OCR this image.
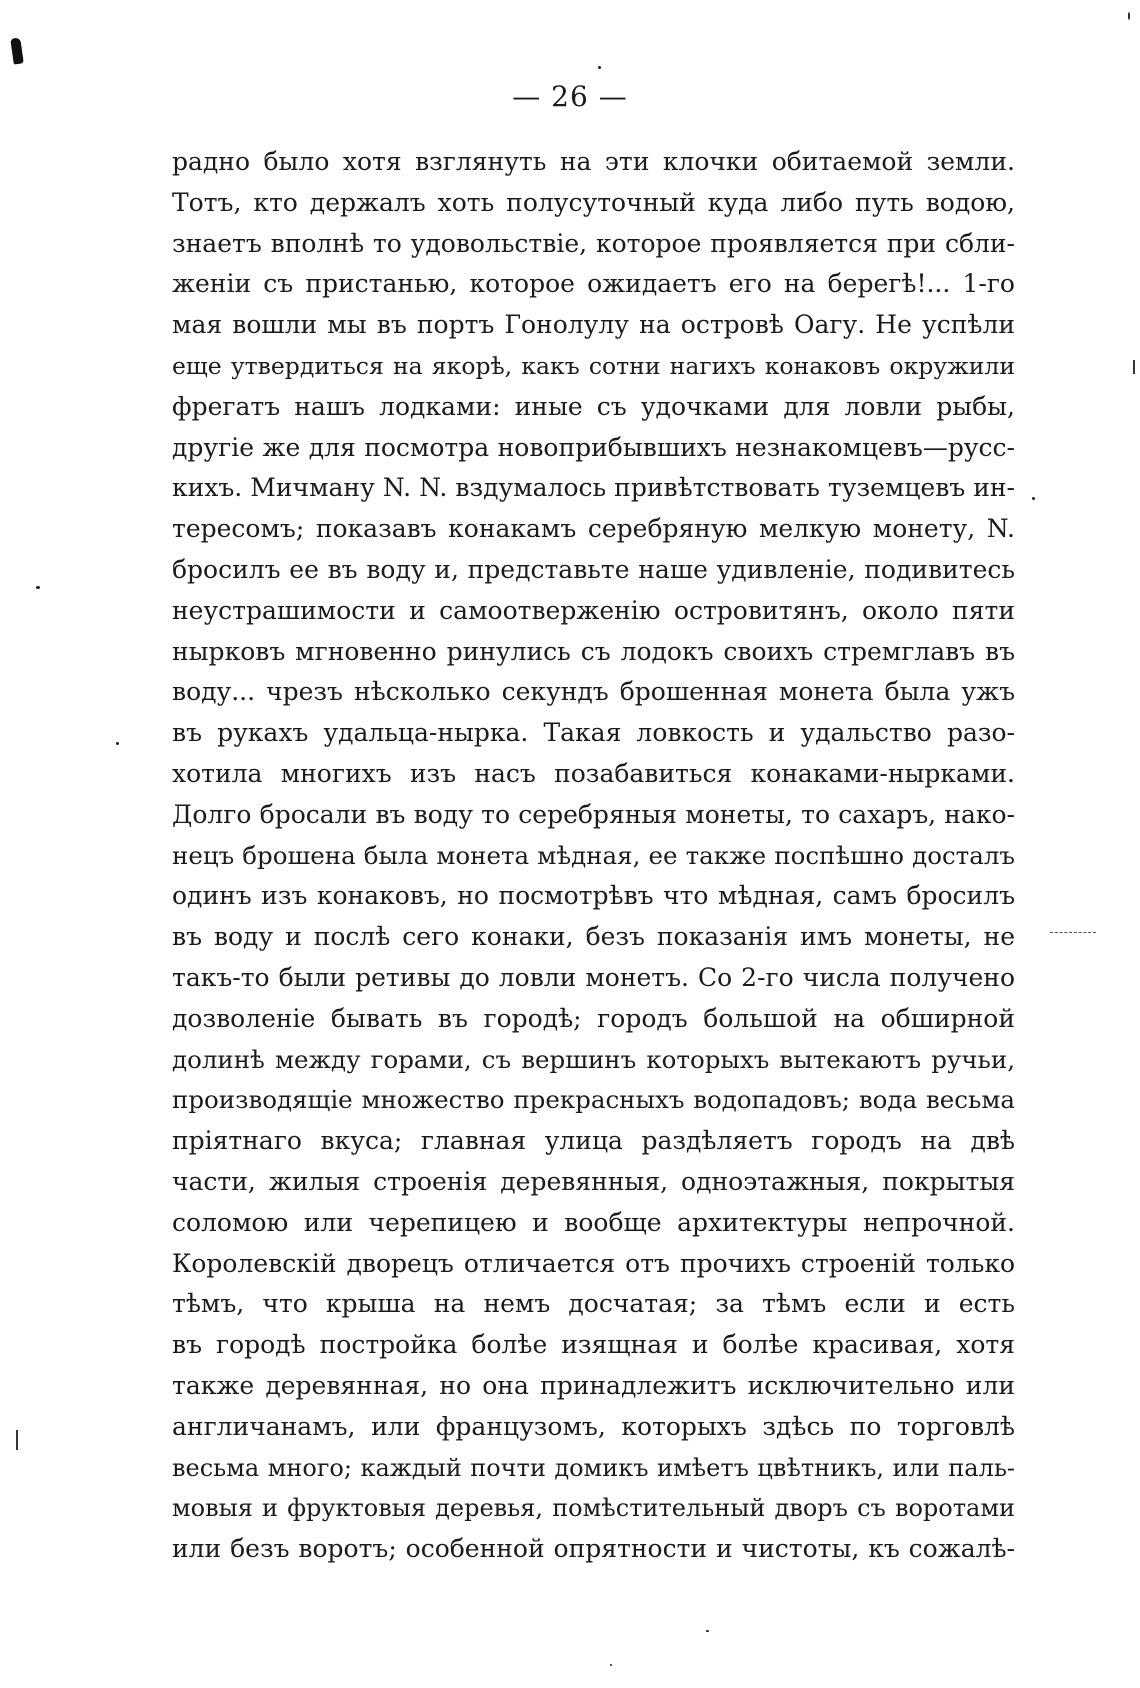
— 26 —
радно было хотя взглянуть на эти клочки обитаемой земли.
Тотъ, кто держалъ хоть полусуточный куда либо путь водою,
знаетъ вполнѣ то удовольствіе, которое проявляется при сбли-
женіи съ пристанью, которое ожидаетъ его на берегѣ!... 1-го
мая вошли мы въ портъ Гонолулу на островѣ Оагу. Не успѣли
еще утвердиться на якорѣ, какъ сотни нагихъ конаковъ окружили
фрегатъ нашъ лодками: иные съ удочками для ловли рыбы,
другіе же для посмотра новоприбывшихъ незнакомцевъ—русс-
кихъ. Мичману N. N. вздумалось привѣтствовать туземцевъ ин-
тересомъ; показавъ конакамъ серебряную мелкую монету, N.
бросилъ ее въ воду и, представьте наше удивленіе, подивитесь
неустрашимости и самоотверженію островитянъ, около пяти
нырковъ мгновенно ринулись съ лодокъ своихъ стремглавъ въ
воду... чрезъ нѣсколько секундъ брошенная монета была ужъ
въ рукахъ удальца-нырка. Такая ловкость и удальство разо-
хотила многихъ изъ насъ позабавиться конаками-нырками.
Долго бросали въ воду то серебряныя монеты, то сахаръ, нако-
нецъ брошена была монета мѣдная, ее также поспѣшно досталъ
одинъ изъ конаковъ, но посмотрѣвъ что мѣдная, самъ бросилъ
въ воду и послѣ сего конаки, безъ показанія имъ монеты, не
такъ-то были ретивы до ловли монетъ. Со 2-го числа получено
дозволеніе бывать въ городѣ; городъ большой на обширной
долинѣ между горами, съ вершинъ которыхъ вытекаютъ ручьи,
производящіе множество прекрасныхъ водопадовъ; вода весьма
пріятнаго вкуса; главная улица раздѣляетъ городъ на двѣ
части, жилыя строенія деревянныя, одноэтажныя, покрытыя
соломою или черепицею и вообще архитектуры непрочной.
Королевскій дворецъ отличается отъ прочихъ строеній только
тѣмъ, что крыша на немъ досчатая; за тѣмъ если и есть
въ городѣ постройка болѣе изящная и болѣе красивая, хотя
также деревянная, но она принадлежитъ исключительно или
англичанамъ, или французомъ, которыхъ здѣсь по торговлѣ
весьма много; каждый почти домикъ имѣетъ цвѣтникъ, или паль-
мовыя и фруктовыя деревья, помѣстительный дворъ съ воротами
или безъ воротъ; особенной опрятности и чистоты, къ сожалѣ-
